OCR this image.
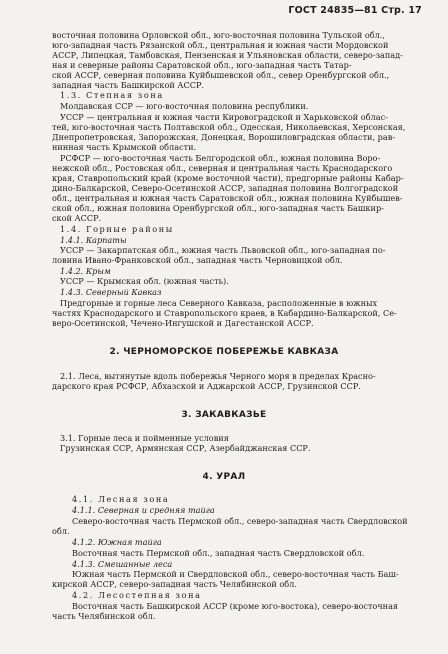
ГОСТ 24835—81 Стр. 17
восточная половина Орловской обл., юго-восточная половина Тульской обл.,
юго-западная часть Рязанской обл., центральная и южная части Мордовской
АССР, Липецкая, Тамбовская, Пензенская и Ульяновская области, северо-запад-
ная и северные районы Саратовской обл., юго-западная часть Татар-
ской АССР, северная половина Куйбышевской обл., север Оренбургской обл.,
западная часть Башкирской АССР.
1.3. Степная зона
Молдавская ССР — юго-восточная половина республики.
УССР — центральная и южная части Кировоградской и Харьковской облас-
тей, юго-восточная часть Полтавской обл., Одесская, Николаевская, Херсонская,
Днепропетровская, Запорожская, Донецкая, Ворошиловградская области, рав-
нинная часть Крымской области.
РСФСР — юго-восточная часть Белгородской обл., южная половина Воро-
нежской обл., Ростовская обл., северная и центральная часть Краснодарского
края, Ставропольский край (кроме восточной части), предгорные районы Кабар-
дино-Балкарской, Северо-Осетинской АССР, западная половина Волгоградской
обл., центральная и южная часть Саратовской обл., южная половина Куйбышев-
ской обл., южная половина Оренбургской обл., юго-западная часть Башкир-
ской АССР.
1.4. Горные районы
1.4.1. Карпаты
УССР — Закарпатская обл., южная часть Львовской обл., юго-западная по-
ловина Ивано-Франковской обл., западная часть Черновицкой обл.
1.4.2. Крым
УССР — Крымская обл. (южная часть).
1.4.3. Северный Кавказ
Предгорные и горные леса Северного Кавказа, расположенные в южных
частях Краснодарского и Ставропольского краев, в Кабардино-Балкарской, Се-
веро-Осетинской, Чечено-Ингушской и Дагестанской АССР.
2. ЧЕРНОМОРСКОЕ ПОБЕРЕЖЬЕ КАВКАЗА
2.1. Леса, вытянутые вдоль побережья Черного моря в пределах Красно-
дарского края РСФСР, Абхазской и Аджарской АССР, Грузинской ССР.
3. ЗАКАВКАЗЬЕ
3.1. Горные леса и пойменные условия
Грузинская ССР, Армянская ССР, Азербайджанская ССР.
4. УРАЛ
4.1. Лесная зона
4.1.1. Северная и средняя тайга
Северо-восточная часть Пермской обл., северо-западная часть Свердловской
обл.
4.1.2. Южная тайга
Восточная часть Пермской обл., западная часть Свердловской обл.
4.1.3. Смешанные леса
Южная часть Пермской и Свердловской обл., северо-восточная часть Баш-
кирской АССР, северо-западная часть Челябинской обл.
4.2. Лесостепная зона
Восточная часть Башкирской АССР (кроме юго-востока), северо-восточная
часть Челябинской обл.
